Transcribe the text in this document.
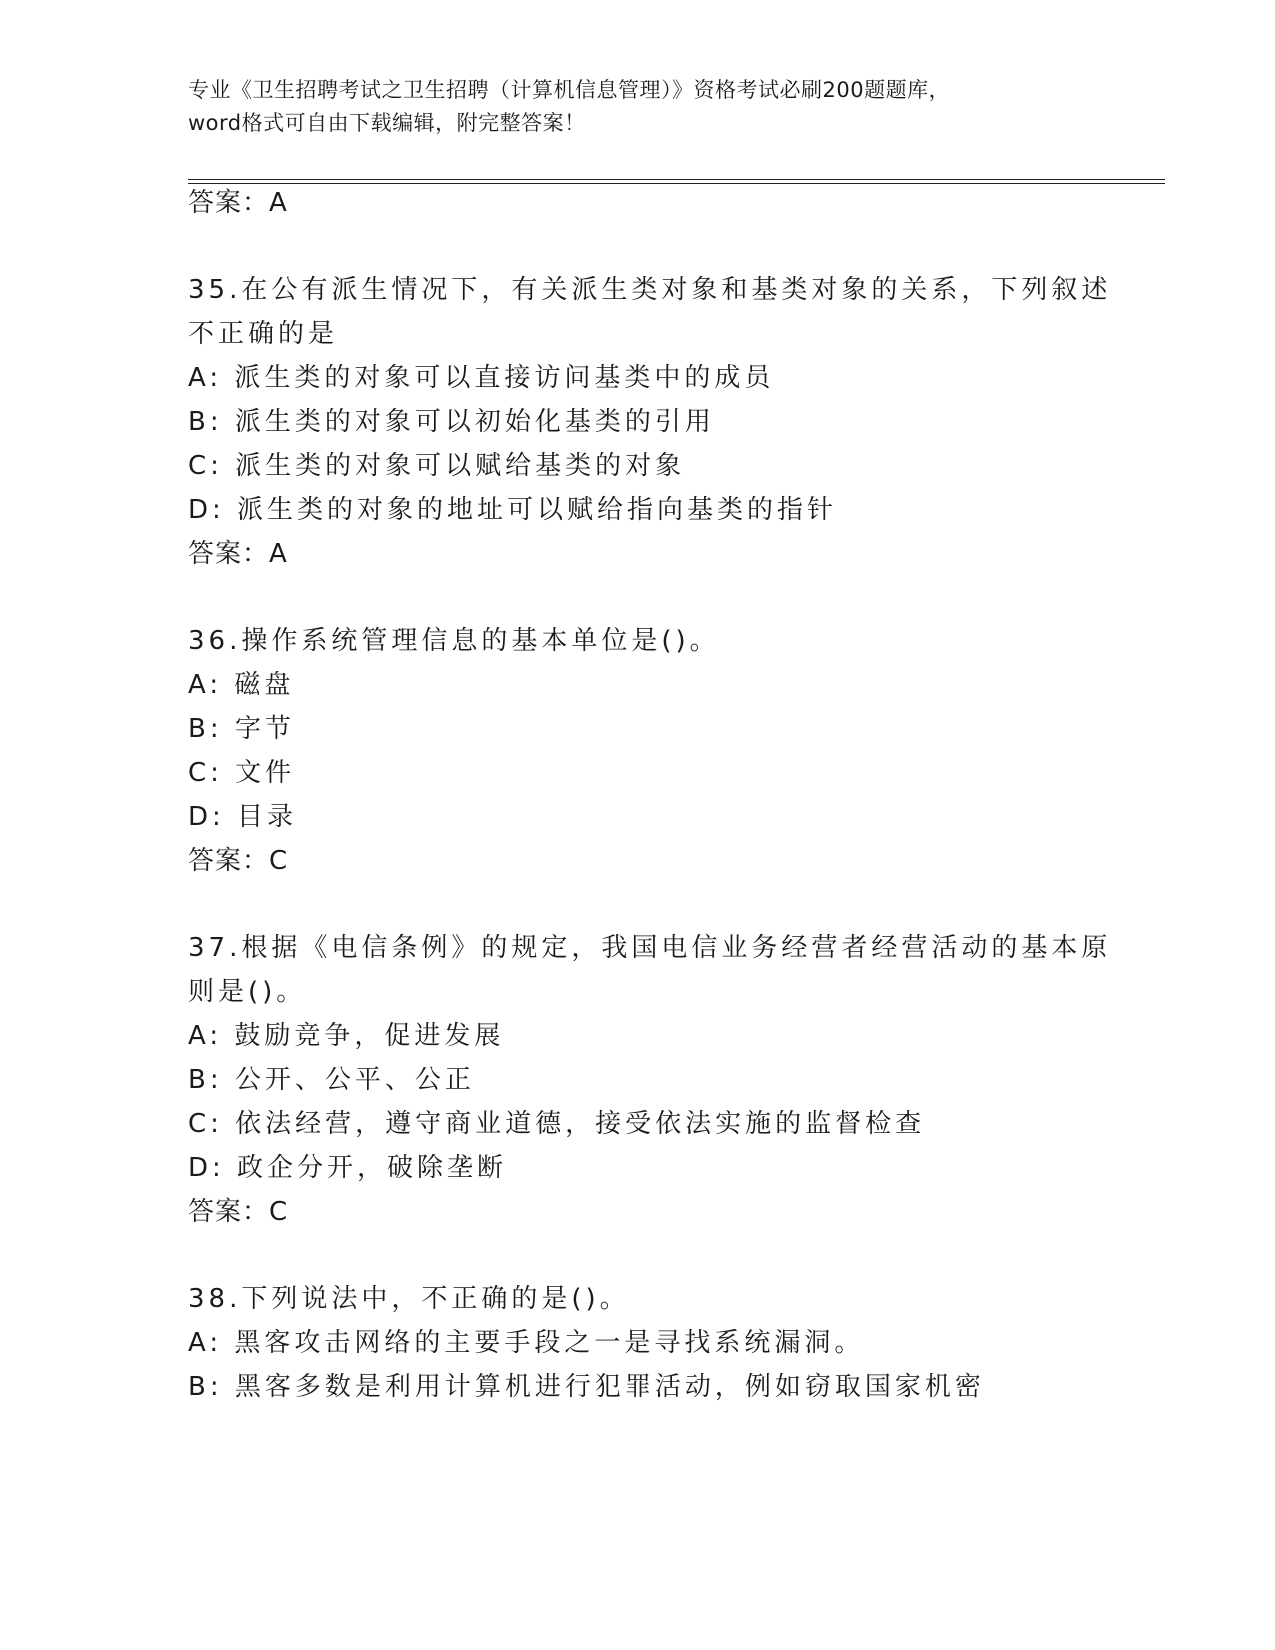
专业《卫生招聘考试之卫生招聘（计算机信息管理）》资格考试必刷200题题库，
word格式可自由下载编辑，附完整答案！
答案：A
35.在公有派生情况下，有关派生类对象和基类对象的关系，下列叙述
不正确的是
A: 派生类的对象可以直接访问基类中的成员
B: 派生类的对象可以初始化基类的引用
C: 派生类的对象可以赋给基类的对象
D: 派生类的对象的地址可以赋给指向基类的指针
答案：A
36.操作系统管理信息的基本单位是()。
A: 磁盘
B: 字节
C: 文件
D: 目录
答案：C
37.根据《电信条例》的规定，我国电信业务经营者经营活动的基本原
则是()。
A: 鼓励竞争，促进发展
B: 公开、公平、公正
C: 依法经营，遵守商业道德，接受依法实施的监督检查
D: 政企分开，破除垄断
答案：C
38.下列说法中，不正确的是()。
A: 黑客攻击网络的主要手段之一是寻找系统漏洞。
B: 黑客多数是利用计算机进行犯罪活动，例如窃取国家机密
